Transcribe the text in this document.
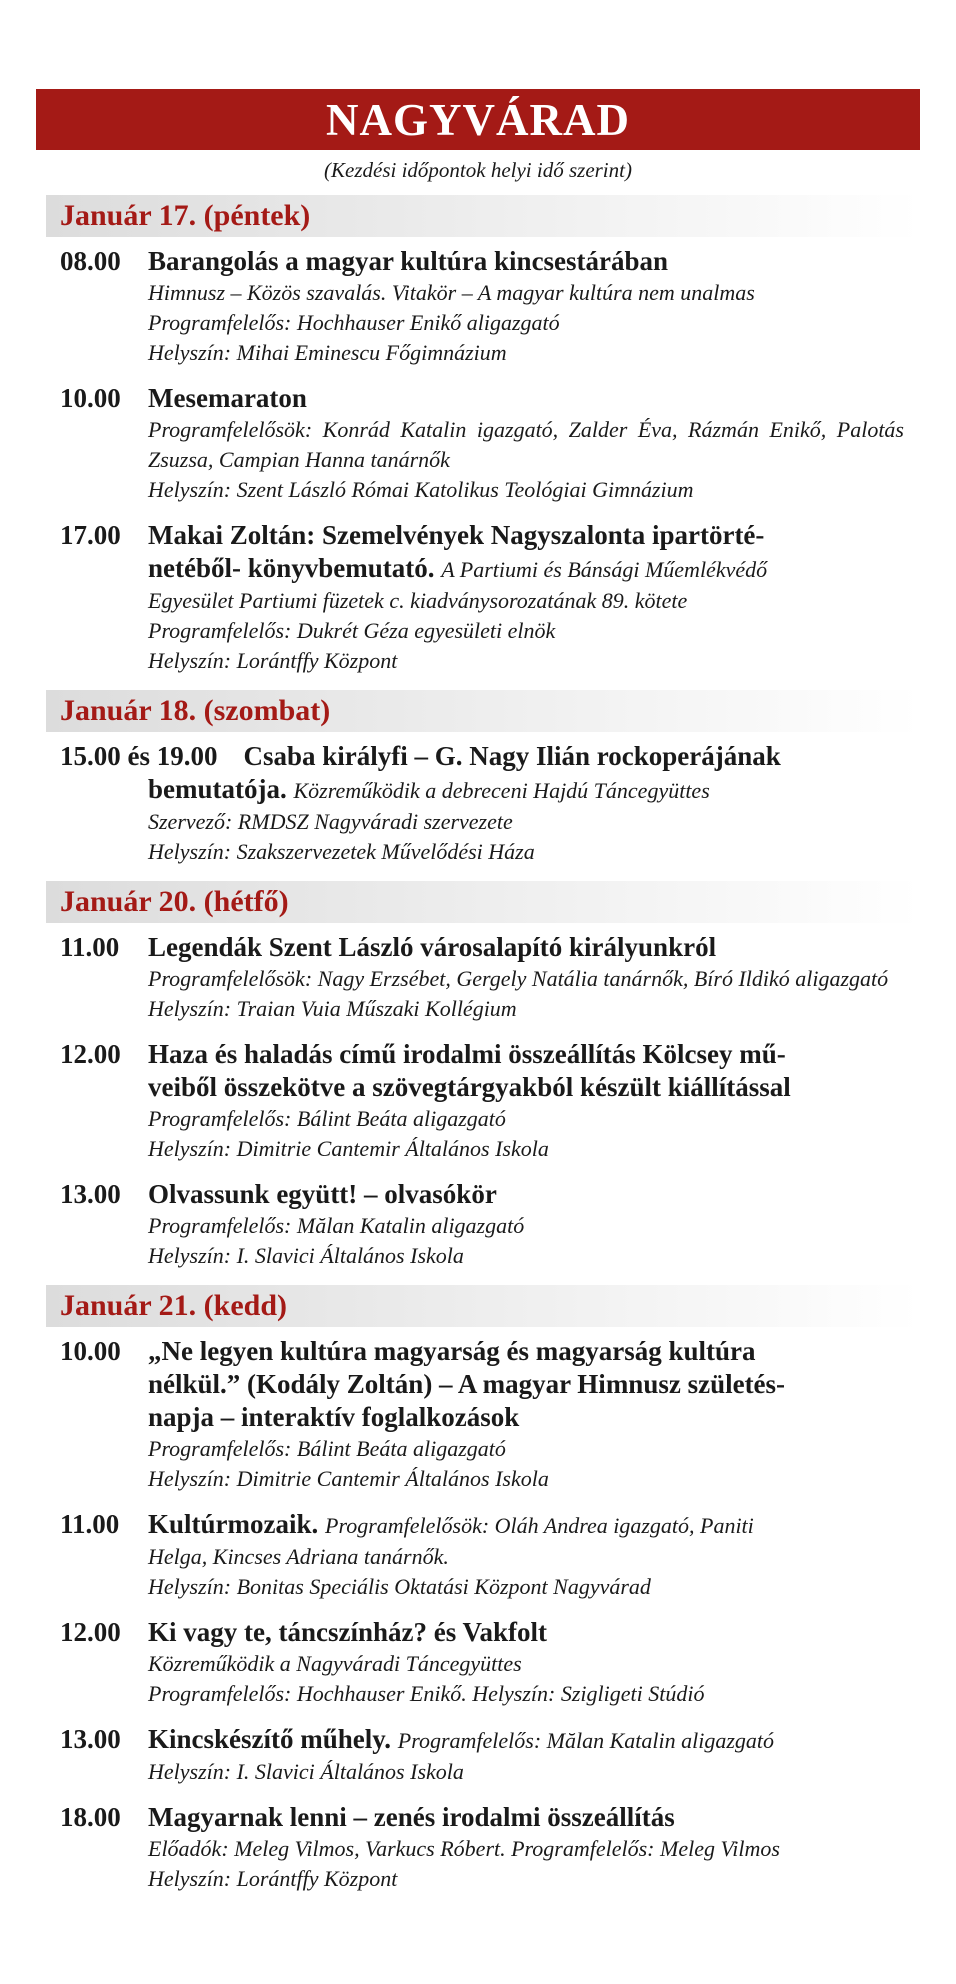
NAGYVÁRAD
(Kezdési időpontok helyi idő szerint)
Január 17. (péntek)
08.00	Barangolás a magyar kultúra kincsestárában
Himnusz – Közös szavalás. Vitakör – A magyar kultúra nem unalmas
Programfelelős: Hochhauser Enikő aligazgató
Helyszín: Mihai Eminescu Főgimnázium
10.00	Mesemaraton
Programfelelősök: Konrád Katalin igazgató, Zalder Éva, Rázmán Enikő, Palotás Zsuzsa, Campian Hanna tanárnők
Helyszín: Szent László Római Katolikus Teológiai Gimnázium
17.00	Makai Zoltán: Szemelvények Nagyszalonta ipartörté-
netéből- könyvbemutató. A Partiumi és Bánsági Műemlékvédő
Egyesület Partiumi füzetek c. kiadványsorozatának 89. kötete
Programfelelős: Dukrét Géza egyesületi elnök
Helyszín: Lorántffy Központ
Január 18. (szombat)
15.00 és 19.00 Csaba királyfi – G. Nagy Ilián rockoperájának
bemutatója. Közreműködik a debreceni Hajdú Táncegyüttes
Szervező: RMDSZ Nagyváradi szervezete
Helyszín: Szakszervezetek Művelődési Háza
Január 20. (hétfő)
11.00	Legendák Szent László városalapító királyunkról
Programfelelősök: Nagy Erzsébet, Gergely Natália tanárnők, Bíró Ildikó aligazgató
Helyszín: Traian Vuia Műszaki Kollégium
12.00	Haza és haladás című irodalmi összeállítás Kölcsey mű-
veiből összekötve a szövegtárgyakból készült kiállítással
Programfelelős: Bálint Beáta aligazgató
Helyszín: Dimitrie Cantemir Általános Iskola
13.00	Olvassunk együtt! – olvasókör
Programfelelős: Mălan Katalin aligazgató
Helyszín: I. Slavici Általános Iskola
Január 21. (kedd)
10.00	„Ne legyen kultúra magyarság és magyarság kultúra
nélkül.” (Kodály Zoltán) – A magyar Himnusz születés-
napja – interaktív foglalkozások
Programfelelős: Bálint Beáta aligazgató
Helyszín: Dimitrie Cantemir Általános Iskola
11.00	Kultúrmozaik. Programfelelősök: Oláh Andrea igazgató, Paniti
Helga, Kincses Adriana tanárnők.
Helyszín: Bonitas Speciális Oktatási Központ Nagyvárad
12.00	Ki vagy te, táncszínház? és Vakfolt
Közreműködik a Nagyváradi Táncegyüttes
Programfelelős: Hochhauser Enikő. Helyszín: Szigligeti Stúdió
13.00	Kincskészítő műhely. Programfelelős: Mălan Katalin aligazgató
Helyszín: I. Slavici Általános Iskola
18.00	Magyarnak lenni – zenés irodalmi összeállítás
Előadók: Meleg Vilmos, Varkucs Róbert. Programfelelős: Meleg Vilmos
Helyszín: Lorántffy Központ
